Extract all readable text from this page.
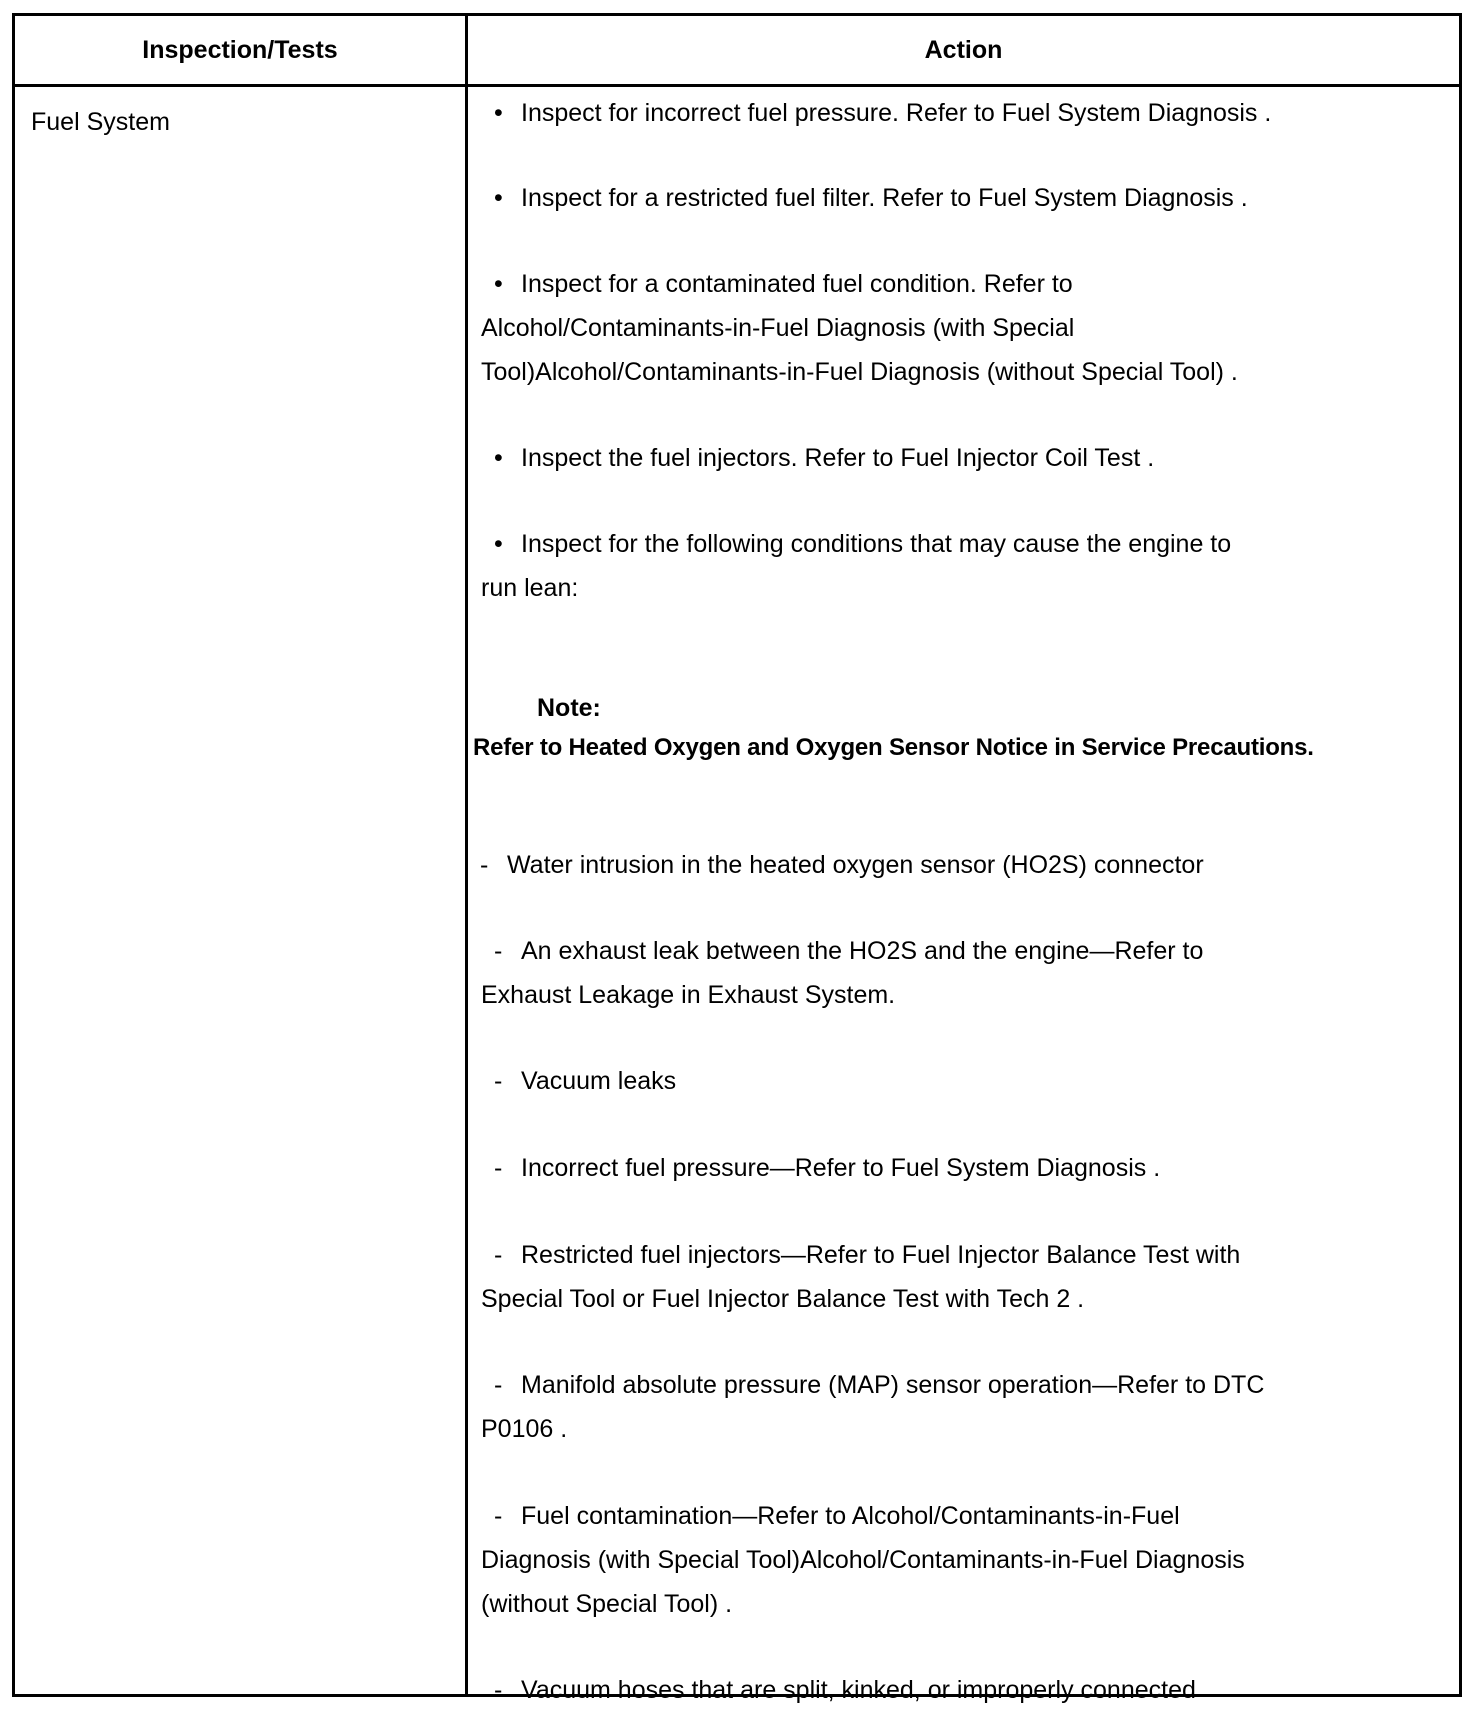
Inspection/Tests	Action
Fuel System	• Inspect for incorrect fuel pressure. Refer to Fuel System Diagnosis .
• Inspect for a restricted fuel filter. Refer to Fuel System Diagnosis .
• Inspect for a contaminated fuel condition. Refer to
Alcohol/Contaminants-in-Fuel Diagnosis (with Special
Tool)Alcohol/Contaminants-in-Fuel Diagnosis (without Special Tool) .
• Inspect the fuel injectors. Refer to Fuel Injector Coil Test .
• Inspect for the following conditions that may cause the engine to
run lean:
Note:
Refer to Heated Oxygen and Oxygen Sensor Notice in Service Precautions.
- Water intrusion in the heated oxygen sensor (HO2S) connector
- An exhaust leak between the HO2S and the engine—Refer to
Exhaust Leakage in Exhaust System.
- Vacuum leaks
- Incorrect fuel pressure—Refer to Fuel System Diagnosis .
- Restricted fuel injectors—Refer to Fuel Injector Balance Test with
Special Tool or Fuel Injector Balance Test with Tech 2 .
- Manifold absolute pressure (MAP) sensor operation—Refer to DTC
P0106 .
- Fuel contamination—Refer to Alcohol/Contaminants-in-Fuel
Diagnosis (with Special Tool)Alcohol/Contaminants-in-Fuel Diagnosis
(without Special Tool) .
- Vacuum hoses that are split, kinked, or improperly connected
